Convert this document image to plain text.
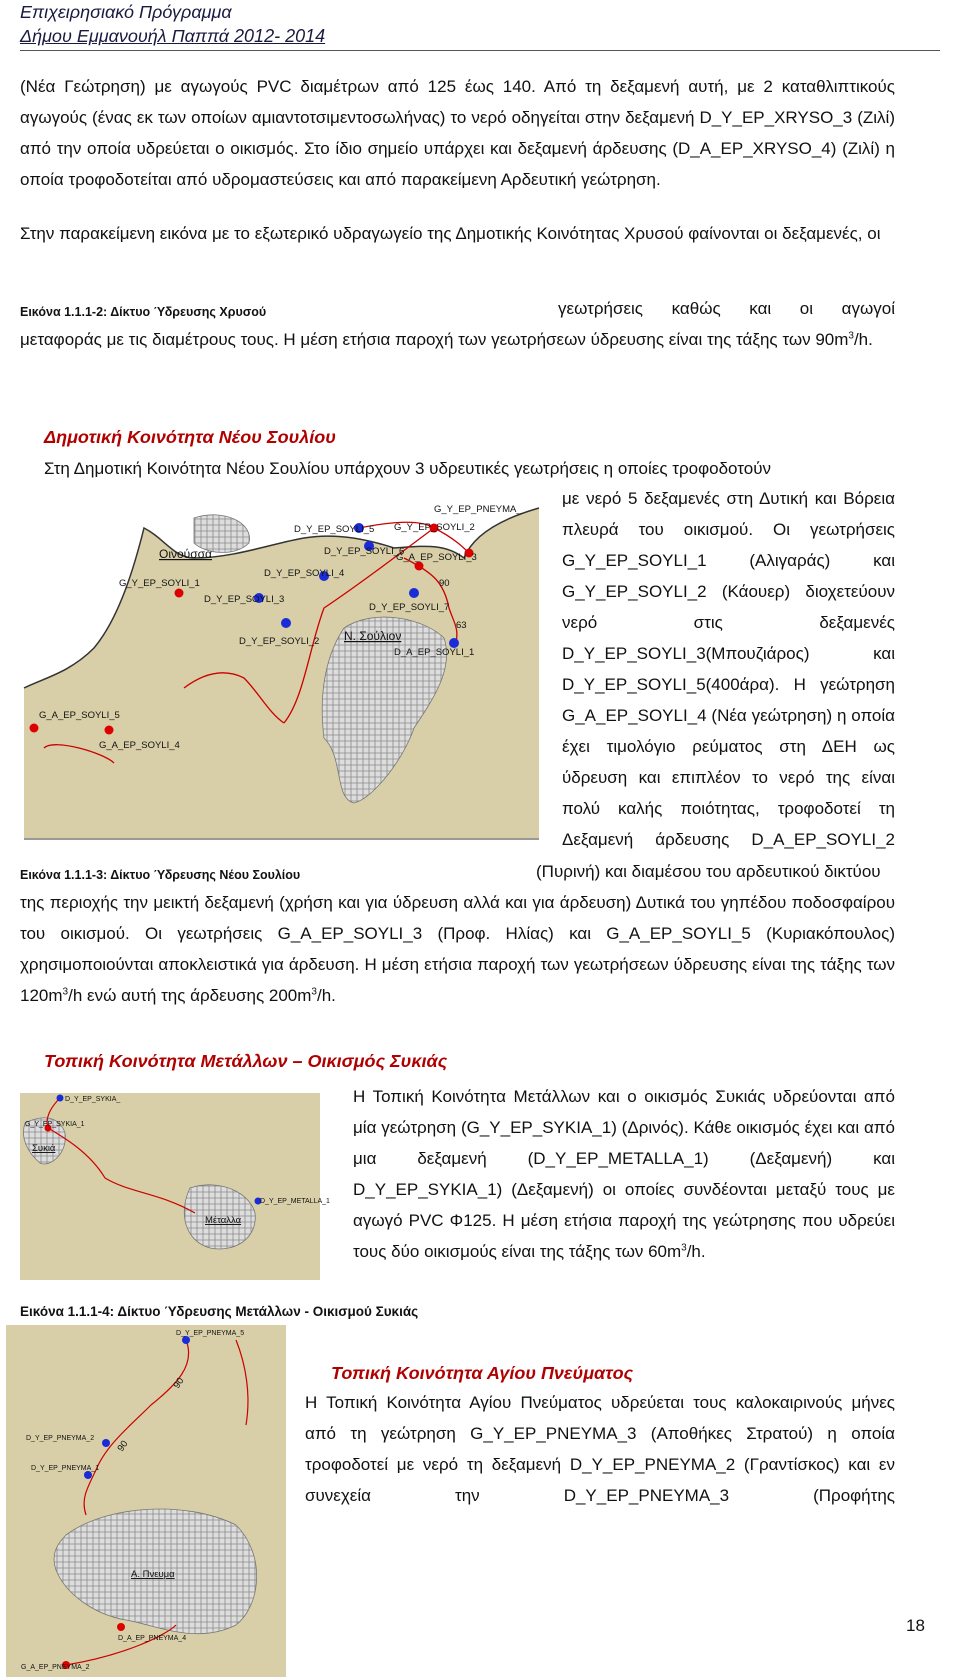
Επιχειρησιακό Πρόγραμμα
Δήμου Εμμανουήλ Παππά 2012- 2014

(Νέα Γεώτρηση) με αγωγούς PVC διαμέτρων από 125 έως 140. Από τη δεξαμενή αυτή, με 2 καταθλιπτικούς αγωγούς (ένας εκ των οποίων αμιαντοτσιμεντοσωλήνας) το νερό οδηγείται στην δεξαμενή D_Y_EP_XRYSO_3 (Ζιλί) από την οποία υδρεύεται ο οικισμός. Στο ίδιο σημείο υπάρχει και δεξαμενή άρδευσης (D_A_EP_XRYSO_4) (Ζιλί) η οποία τροφοδοτείται από υδρομαστεύσεις και από παρακείμενη Αρδευτική γεώτρηση.

Στην παρακείμενη εικόνα με το εξωτερικό υδραγωγείο της Δημοτικής Κοινότητας Χρυσού φαίνονται οι δεξαμενές, οι

Εικόνα 1.1.1-2: Δίκτυο Ύδρευσης Χρυσού	γεωτρήσεις καθώς και οι αγωγοί

μεταφοράς με τις διαμέτρους τους. Η μέση ετήσια παροχή των γεωτρήσεων ύδρευσης είναι της τάξης των $90m^3/h$.

Δημοτική Κοινότητα Νέου Σουλίου

Στη Δημοτική Κοινότητα Νέου Σουλίου υπάρχουν 3 υδρευτικές γεωτρήσεις η οποίες τροφοδοτούν

με νερό 5 δεξαμενές στη Δυτική και Βόρεια πλευρά του οικισμού. Οι γεωτρήσεις G_Y_EP_SOYLI_1 (Αλιγαράς) και G_Y_EP_SOYLI_2 (Κάουερ) διοχετεύουν νερό στις δεξαμενές D_Y_EP_SOYLI_3(Μπουζιάρος) και D_Y_EP_SOYLI_5(400άρα). Η γεώτρηση G_A_EP_SOYLI_4 (Νέα γεώτρηση) η οποία έχει τιμολόγιο ρεύματος στη ΔΕΗ ως ύδρευση και επιπλέον το νερό της είναι πολύ καλής ποιότητας, τροφοδοτεί τη Δεξαμενή άρδευσης D_A_EP_SOYLI_2

90
63
Οινούσσα
Ν. Σούλιον
G_Y_EP_PNEYMA_
D_Y_EP_SOYLI_5 G_Y_EP_SOYLI_2
D_Y_EP_SOYLI_6
G_A_EP_SOYLI_3
D_Y_EP_SOYLI_4
G_Y_EP_SOYLI_1
D_Y_EP_SOYLI_3
D_Y_EP_SOYLI_7
D_Y_EP_SOYLI_2
D_A_EP_SOYLI_1
G_A_EP_SOYLI_5
G_A_EP_SOYLI_4
Εικόνα 1.1.1-3: Δίκτυο Ύδρευσης Νέου Σουλίου	(Πυρινή) και διαμέσου του αρδευτικού δικτύου

της περιοχής την μεικτή δεξαμενή (χρήση και για ύδρευση αλλά και για άρδευση) Δυτικά του γηπέδου ποδοσφαίρου του οικισμού. Οι γεωτρήσεις G_A_EP_SOYLI_3 (Προφ. Ηλίας) και G_A_EP_SOYLI_5 (Κυριακόπουλος) χρησιμοποιούνται αποκλειστικά για άρδευση. Η μέση ετήσια παροχή των γεωτρήσεων ύδρευσης είναι της τάξης των $120m^3/h$ ενώ αυτή της άρδευσης $200m^3/h$.

Τοπική Κοινότητα Μετάλλων – Οικισμός Συκιάς
D_Y_EP_SYKIA_
G_Y_EP_SYKIA_1
D_Y_EP_METALLA_1
Συκιά
Μέταλλα

Η Τοπική Κοινότητα Μετάλλων και ο οικισμός Συκιάς υδρεύονται από μία γεώτρηση (G_Y_EP_SYKIA_1) (Δρινός). Κάθε οικισμός έχει και από μια δεξαμενή (D_Y_EP_METALLA_1) (Δεξαμενή) και D_Y_EP_SYKIA_1) (Δεξαμενή) οι οποίες συνδέονται μεταξύ τους με αγωγό PVC Φ125. Η μέση ετήσια παροχή της γεώτρησης που υδρεύει τους δύο οικισμούς είναι της τάξης των $60m^3/h$.

Εικόνα 1.1.1-4: Δίκτυο Ύδρευσης Μετάλλων - Οικισμού Συκιάς
90
90
D_Y_EP_PNEYMA_5
D_Y_EP_PNEYMA_2
D_Y_EP_PNEYMA_1
D_A_EP_PNEYMA_4
G_A_EP_PNEYMA_2
Α. Πνευμα
Τοπική Κοινότητα Αγίου Πνεύματος

Η Τοπική Κοινότητα Αγίου Πνεύματος υδρεύεται τους καλοκαιρινούς μήνες από τη γεώτρηση G_Y_EP_PNEYMA_3 (Αποθήκες Στρατού) η οποία τροφοδοτεί με νερό τη δεξαμενή D_Y_EP_PNEYMA_2 (Γραντίσκος) και εν συνεχεία την D_Y_EP_PNEYMA_3 (Προφήτης

18
